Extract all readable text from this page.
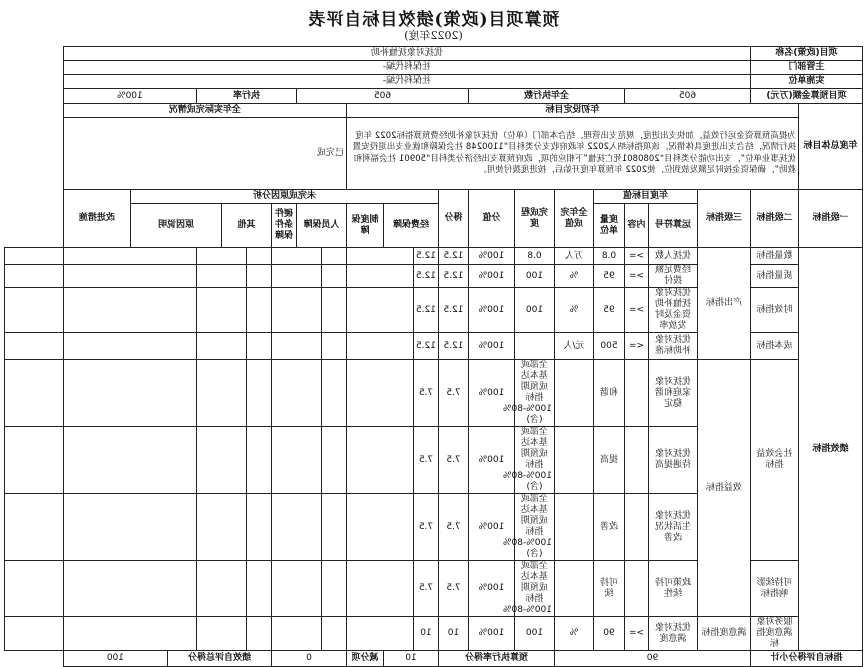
预算项目(政策)绩效目标自评表
(2022年度)
项目(政策)名称		优抚对象抚恤补助																				
主管部门		社保科代编-																				
实施单位		社保科代编-																				
项目预算金额(万元)		605			全年执行数				605						执行率				100%			
年度总体目标	年初设定目标												全年实际完成情况									
	为提高预算资金运行效益，加快支出进度，规范支出管理，结合本部门（单位）优抚对象补助经费预算指标2022 年度执行情况，结合支出进度具体情况，该项指标纳入2022 年政府收支分类科目“1100248 社会保障和就业支出退役安置优抚事业单位”，支出功能分类科目“2080801死亡抚恤”下相应的项，政府预算支出经济分类科目“50901 社会福利和救助”，确保资金按时足额发放到位，使2022 年预算年度开始后，按进度拨付使用。												已完成									
一级指标	二级指标	三级指标	年度目标值			全年完成值	完成程度	分值	得分	未完成原因分析											改进措施	
			运算符号	内容	度量单位					经费保障		制度保障	人员保障		硬件条件保障	其他		原因说明				
绩效指标	数量指标	产出指标	优抚人数	>=	0.8	万人	0.8	100%	12.5	12.5												
	质量指标		经费足额拨付	>=	95	%	100	100%	12.5	12.5												
	时效指标		优抚对象抚恤补助资金及时发放率	>=	95	%	100	100%	12.5	12.5												
	成本指标		优抚对象补助标准	<=	500	元/人		100%	12.5	12.5												
	社会效益指标	效益指标	优抚对象家庭和谐稳定		和谐		全部或基本达成预期指标 100%-80%(含)	100%	7.5	7.5												
			优抚对象待遇提高		提高		全部或基本达成预期指标 100%-80%(含)	100%	7.5	7.5												
			优抚对象生活状况改善		改善		全部或基本达成预期指标 100%-80%(含)	100%	7.5	7.5												
	可持续影响指标		政策可持续性		可持续		全部或基本达成预期指标 100%-80%	100%	7.5	7.5												
	服务对象满意度指标	满意度指标	优抚对象满意度	>=	90	%	100	100%	10	10												
指标自评得分小计		90					预算执行率得分			10		减分项	0			绩效自评总得分				100		
